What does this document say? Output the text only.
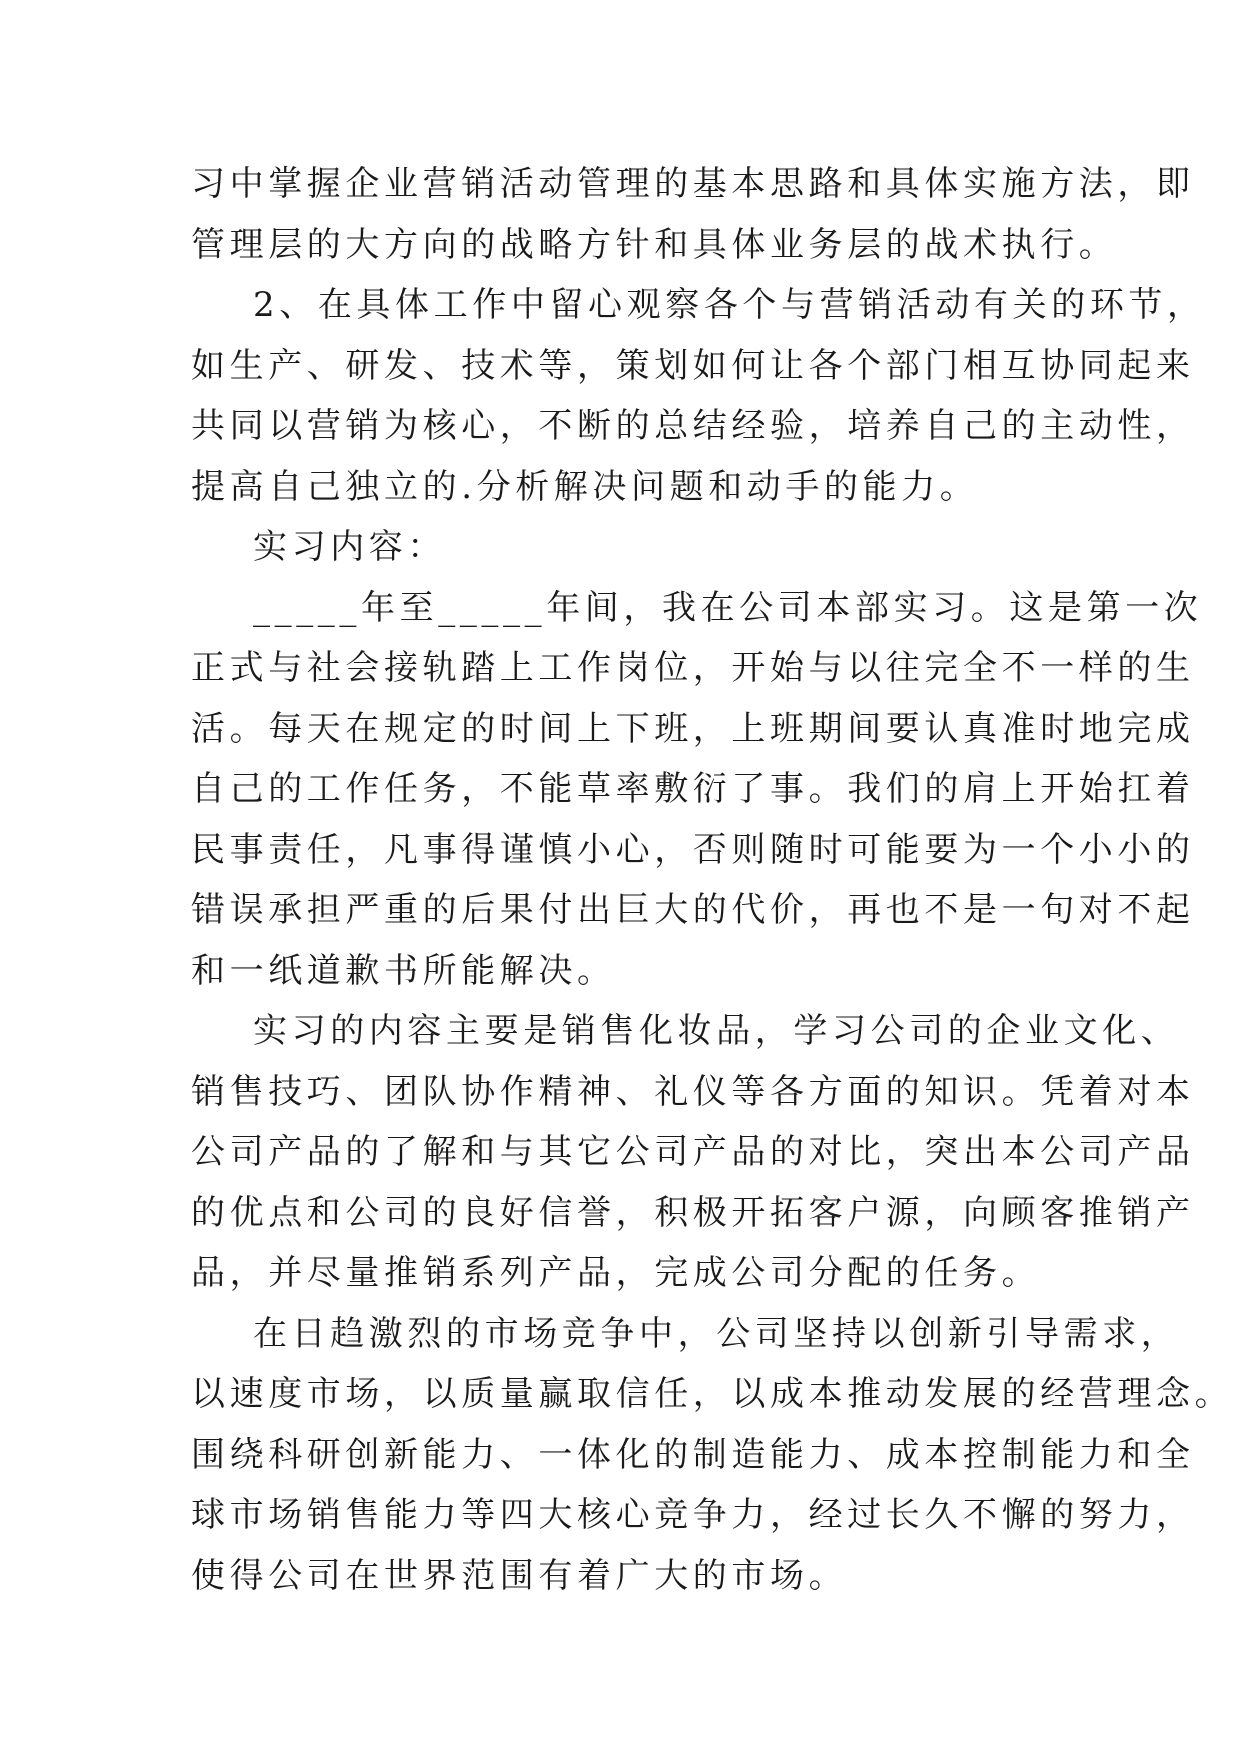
习中掌握企业营销活动管理的基本思路和具体实施方法，即
管理层的大方向的战略方针和具体业务层的战术执行。
2、在具体工作中留心观察各个与营销活动有关的环节，
如生产、研发、技术等，策划如何让各个部门相互协同起来
共同以营销为核心，不断的总结经验，培养自己的主动性，
提高自己独立的.分析解决问题和动手的能力。
实习内容：
_____年至_____年间，我在公司本部实习。这是第一次
正式与社会接轨踏上工作岗位，开始与以往完全不一样的生
活。每天在规定的时间上下班，上班期间要认真准时地完成
自己的工作任务，不能草率敷衍了事。我们的肩上开始扛着
民事责任，凡事得谨慎小心，否则随时可能要为一个小小的
错误承担严重的后果付出巨大的代价，再也不是一句对不起
和一纸道歉书所能解决。
实习的内容主要是销售化妆品，学习公司的企业文化、
销售技巧、团队协作精神、礼仪等各方面的知识。凭着对本
公司产品的了解和与其它公司产品的对比，突出本公司产品
的优点和公司的良好信誉，积极开拓客户源，向顾客推销产
品，并尽量推销系列产品，完成公司分配的任务。
在日趋激烈的市场竞争中，公司坚持以创新引导需求，
以速度市场，以质量赢取信任，以成本推动发展的经营理念。
围绕科研创新能力、一体化的制造能力、成本控制能力和全
球市场销售能力等四大核心竞争力，经过长久不懈的努力，
使得公司在世界范围有着广大的市场。
